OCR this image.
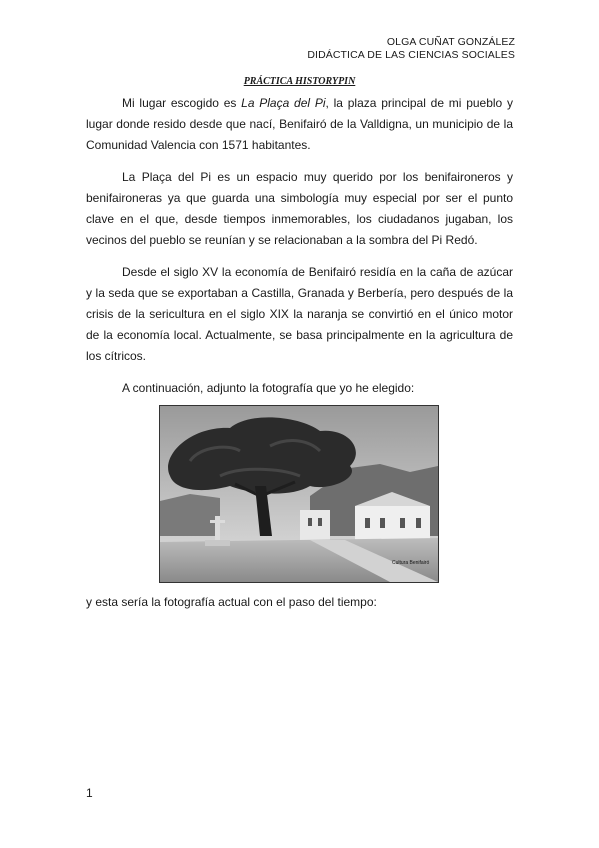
OLGA CUÑAT GONZÁLEZ
DIDÁCTICA DE LAS CIENCIAS SOCIALES
PRÁCTICA HISTORYPIN

Mi lugar escogido es La Plaça del Pi, la plaza principal de mi pueblo y lugar donde resido desde que nací, Benifairó de la Valldigna, un municipio de la Comunidad Valencia con 1571 habitantes.

La Plaça del Pi es un espacio muy querido por los benifaironeros y benifaironeras ya que guarda una simbología muy especial por ser el punto clave en el que, desde tiempos inmemorables, los ciudadanos jugaban, los vecinos del pueblo se reunían y se relacionaban a la sombra del Pi Redó.

Desde el siglo XV la economía de Benifairó residía en la caña de azúcar y la seda que se exportaban a Castilla, Granada y Berbería, pero después de la crisis de la sericultura en el siglo XIX la naranja se convirtió en el único motor de la economía local. Actualmente, se basa principalmente en la agricultura de los cítricos.

A continuación, adjunto la fotografía que yo he elegido:

Cultura Benifairó
y esta sería la fotografía actual con el paso del tiempo:
1
